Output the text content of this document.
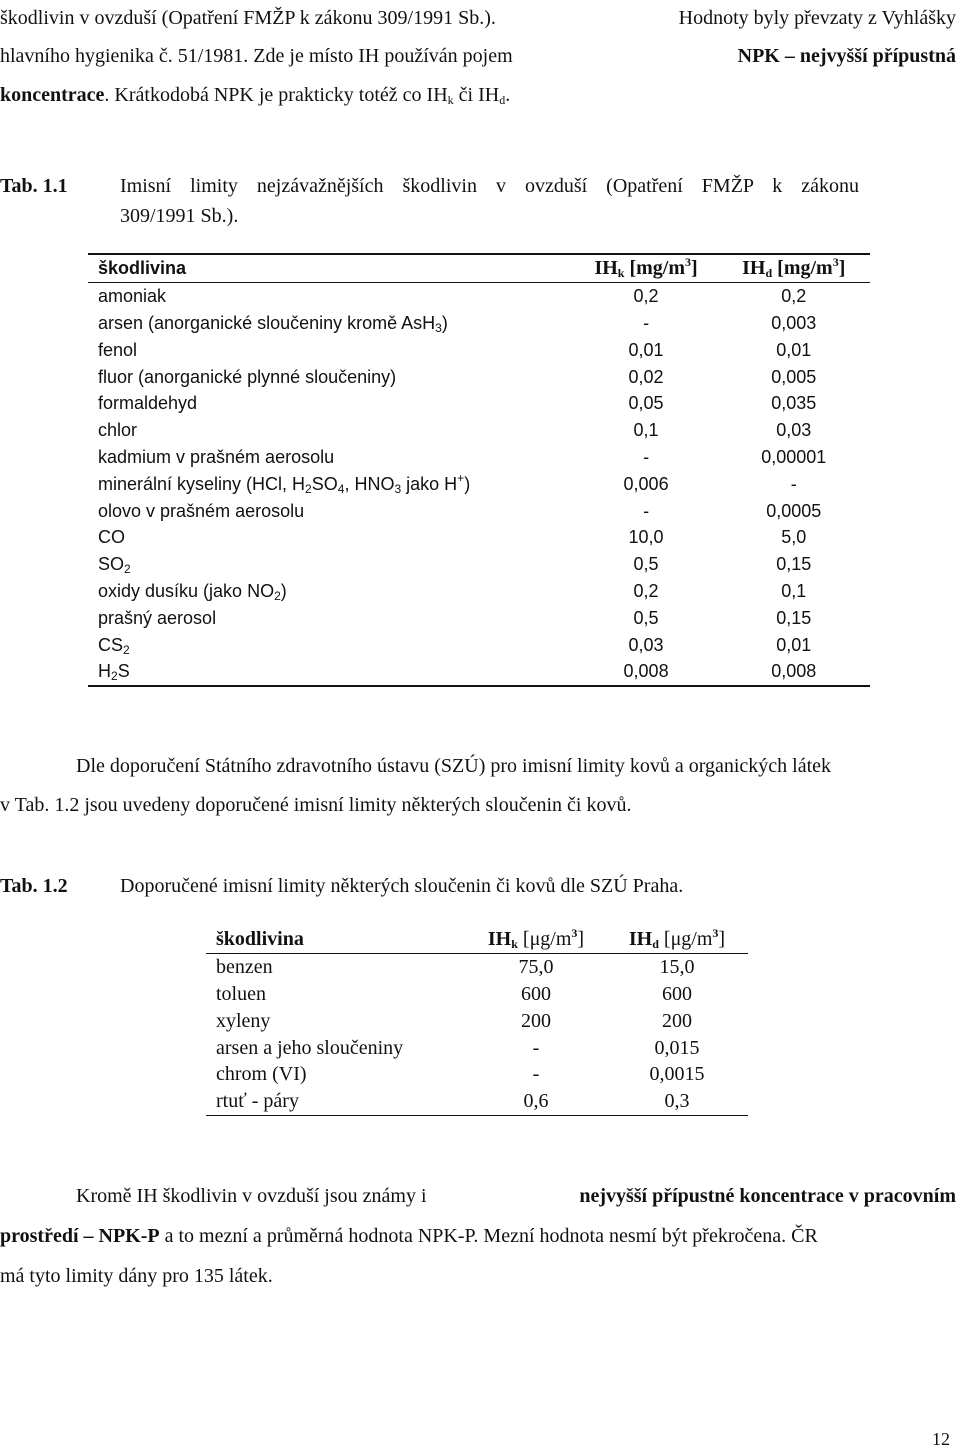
škodlivin v ovzduší (Opatření FMŽP k zákonu 309/1991 Sb.).	Hodnoty byly převzaty z Vyhlášky
hlavního hygienika č. 51/1981. Zde je místo IH používán pojem	NPK – nejvyšší přípustná
koncentrace. Krátkodobá NPK je prakticky totéž co $IH_k$ či $IH_d$.
Tab. 1.1	Imisní limity nejzávažnějších škodlivin v ovzduší (Opatření FMŽP k zákonu
309/1991 Sb.).
škodlivina	$IH_k$ $[mg/m^3]$	$IH_d$ $[mg/m^3]$
amoniak	0,2	0,2
arsen (anorganické sloučeniny kromě AsH$_3$)	-	0,003
fenol	0,01	0,01
fluor (anorganické plynné sloučeniny)	0,02	0,005
formaldehyd	0,05	0,035
chlor	0,1	0,03
kadmium v prašném aerosolu	-	0,00001
minerální kyseliny (HCl, $H_2SO_4$, $HNO_3$ jako H+)	0,006	-
olovo v prašném aerosolu	-	0,0005
CO	10,0	5,0
$SO_2$	0,5	0,15
oxidy dusíku (jako $NO_2$)	0,2	0,1
prašný aerosol	0,5	0,15
$CS_2$	0,03	0,01
$H_2S$	0,008	0,008
Dle doporučení Státního zdravotního ústavu (SZÚ) pro imisní limity kovů a organických látek
v Tab. 1.2 jsou uvedeny doporučené imisní limity některých sloučenin či kovů.
Tab. 1.2	Doporučené imisní limity některých sloučenin či kovů dle SZÚ Praha.
škodlivina	$IH_k$ $[\mu g/m^3]$	$IH_d$ $[\mu g/m^3]$
benzen	75,0	15,0
toluen	600	600
xyleny	200	200
arsen a jeho sloučeniny	-	0,015
chrom (VI)	-	0,0015
rtuť - páry	0,6	0,3
Kromě IH škodlivin v ovzduší jsou známy i	nejvyšší přípustné koncentrace v pracovním
prostředí – NPK-P a to mezní a průměrná hodnota NPK-P. Mezní hodnota nesmí být překročena. ČR
má tyto limity dány pro 135 látek.
12
